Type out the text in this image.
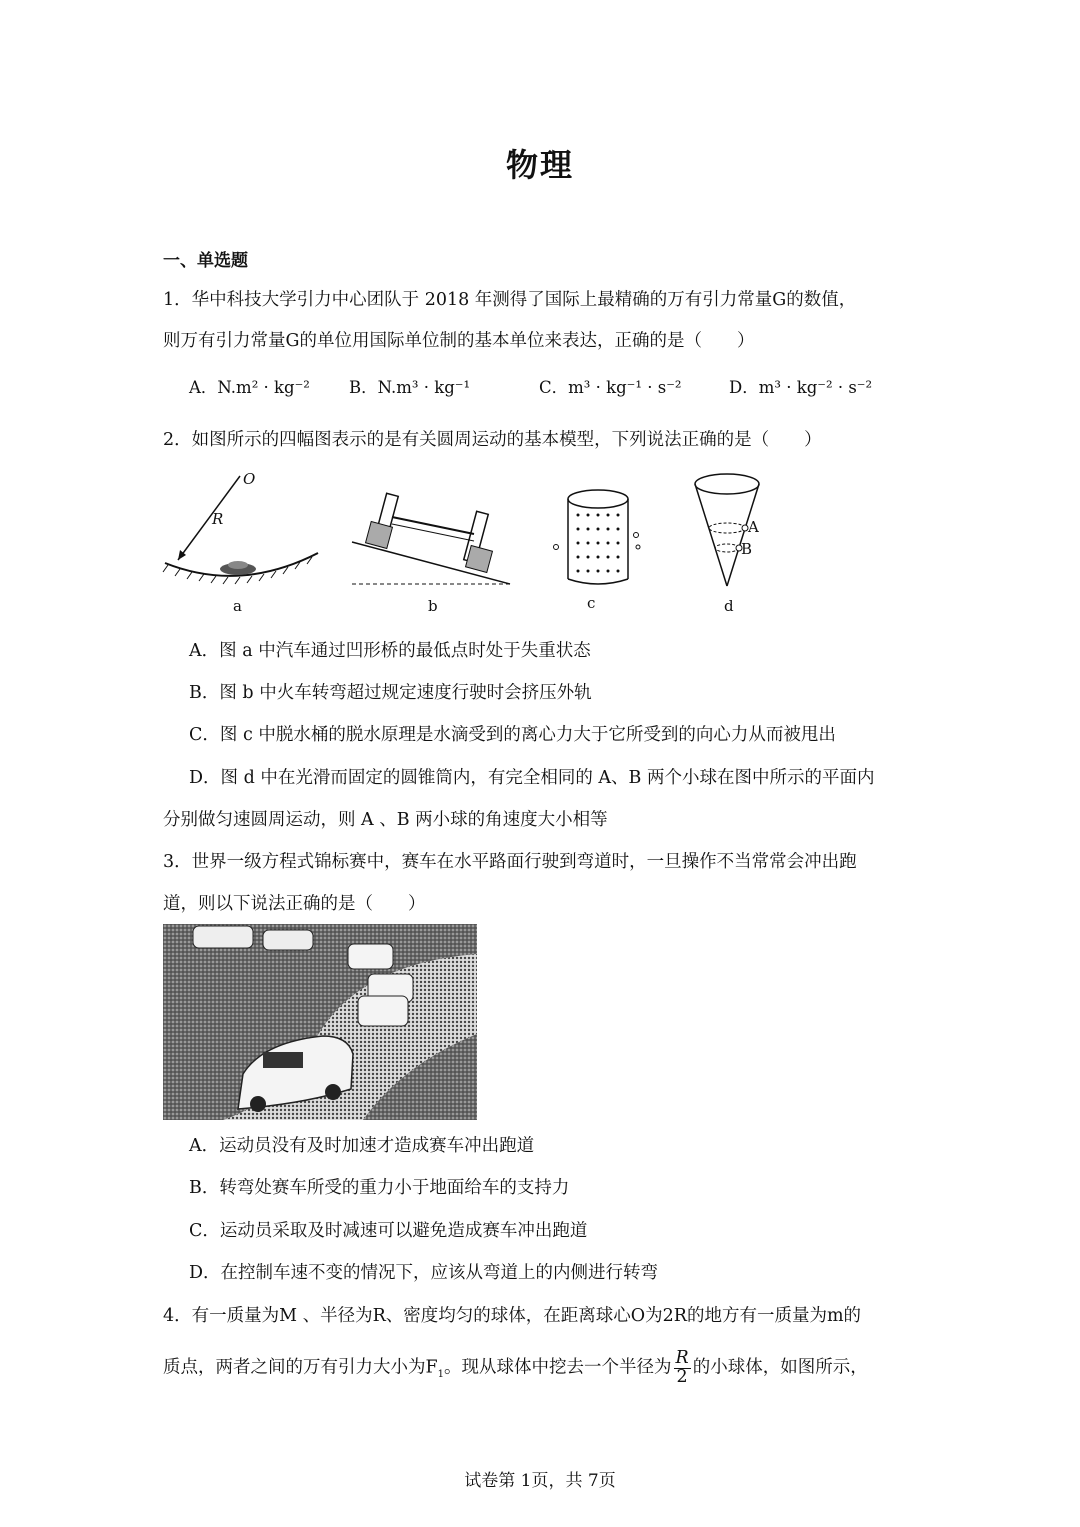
物理
一、单选题
1．华中科技大学引力中心团队于 2018 年测得了国际上最精确的万有引力常量G的数值，
则万有引力常量G的单位用国际单位制的基本单位来表达，正确的是（　　）
A．N.m² · kg⁻² B．N.m³ · kg⁻¹	C．m³ · kg⁻¹ · s⁻²	D．m³ · kg⁻² · s⁻²
2．如图所示的四幅图表示的是有关圆周运动的基本模型，下列说法正确的是（　　）
O
R
a	b	c
A
B
d
A．图 a 中汽车通过凹形桥的最低点时处于失重状态
B．图 b 中火车转弯超过规定速度行驶时会挤压外轨
C．图 c 中脱水桶的脱水原理是水滴受到的离心力大于它所受到的向心力从而被甩出
D．图 d 中在光滑而固定的圆锥筒内，有完全相同的 A、B 两个小球在图中所示的平面内
分别做匀速圆周运动，则 A 、B 两小球的角速度大小相等
3．世界一级方程式锦标赛中，赛车在水平路面行驶到弯道时，一旦操作不当常常会冲出跑
道，则以下说法正确的是（　　）
A．运动员没有及时加速才造成赛车冲出跑道
B．转弯处赛车所受的重力小于地面给车的支持力
C．运动员采取及时减速可以避免造成赛车冲出跑道
D．在控制车速不变的情况下，应该从弯道上的内侧进行转弯
4．有一质量为M 、半径为R、密度均匀的球体，在距离球心O为2R的地方有一质量为m的
质点，两者之间的万有引力大小为$F_1$。现从球体中挖去一个半径为 $\frac{R}{2}$ 的小球体，如图所示，
试卷第 1页，共 7页
